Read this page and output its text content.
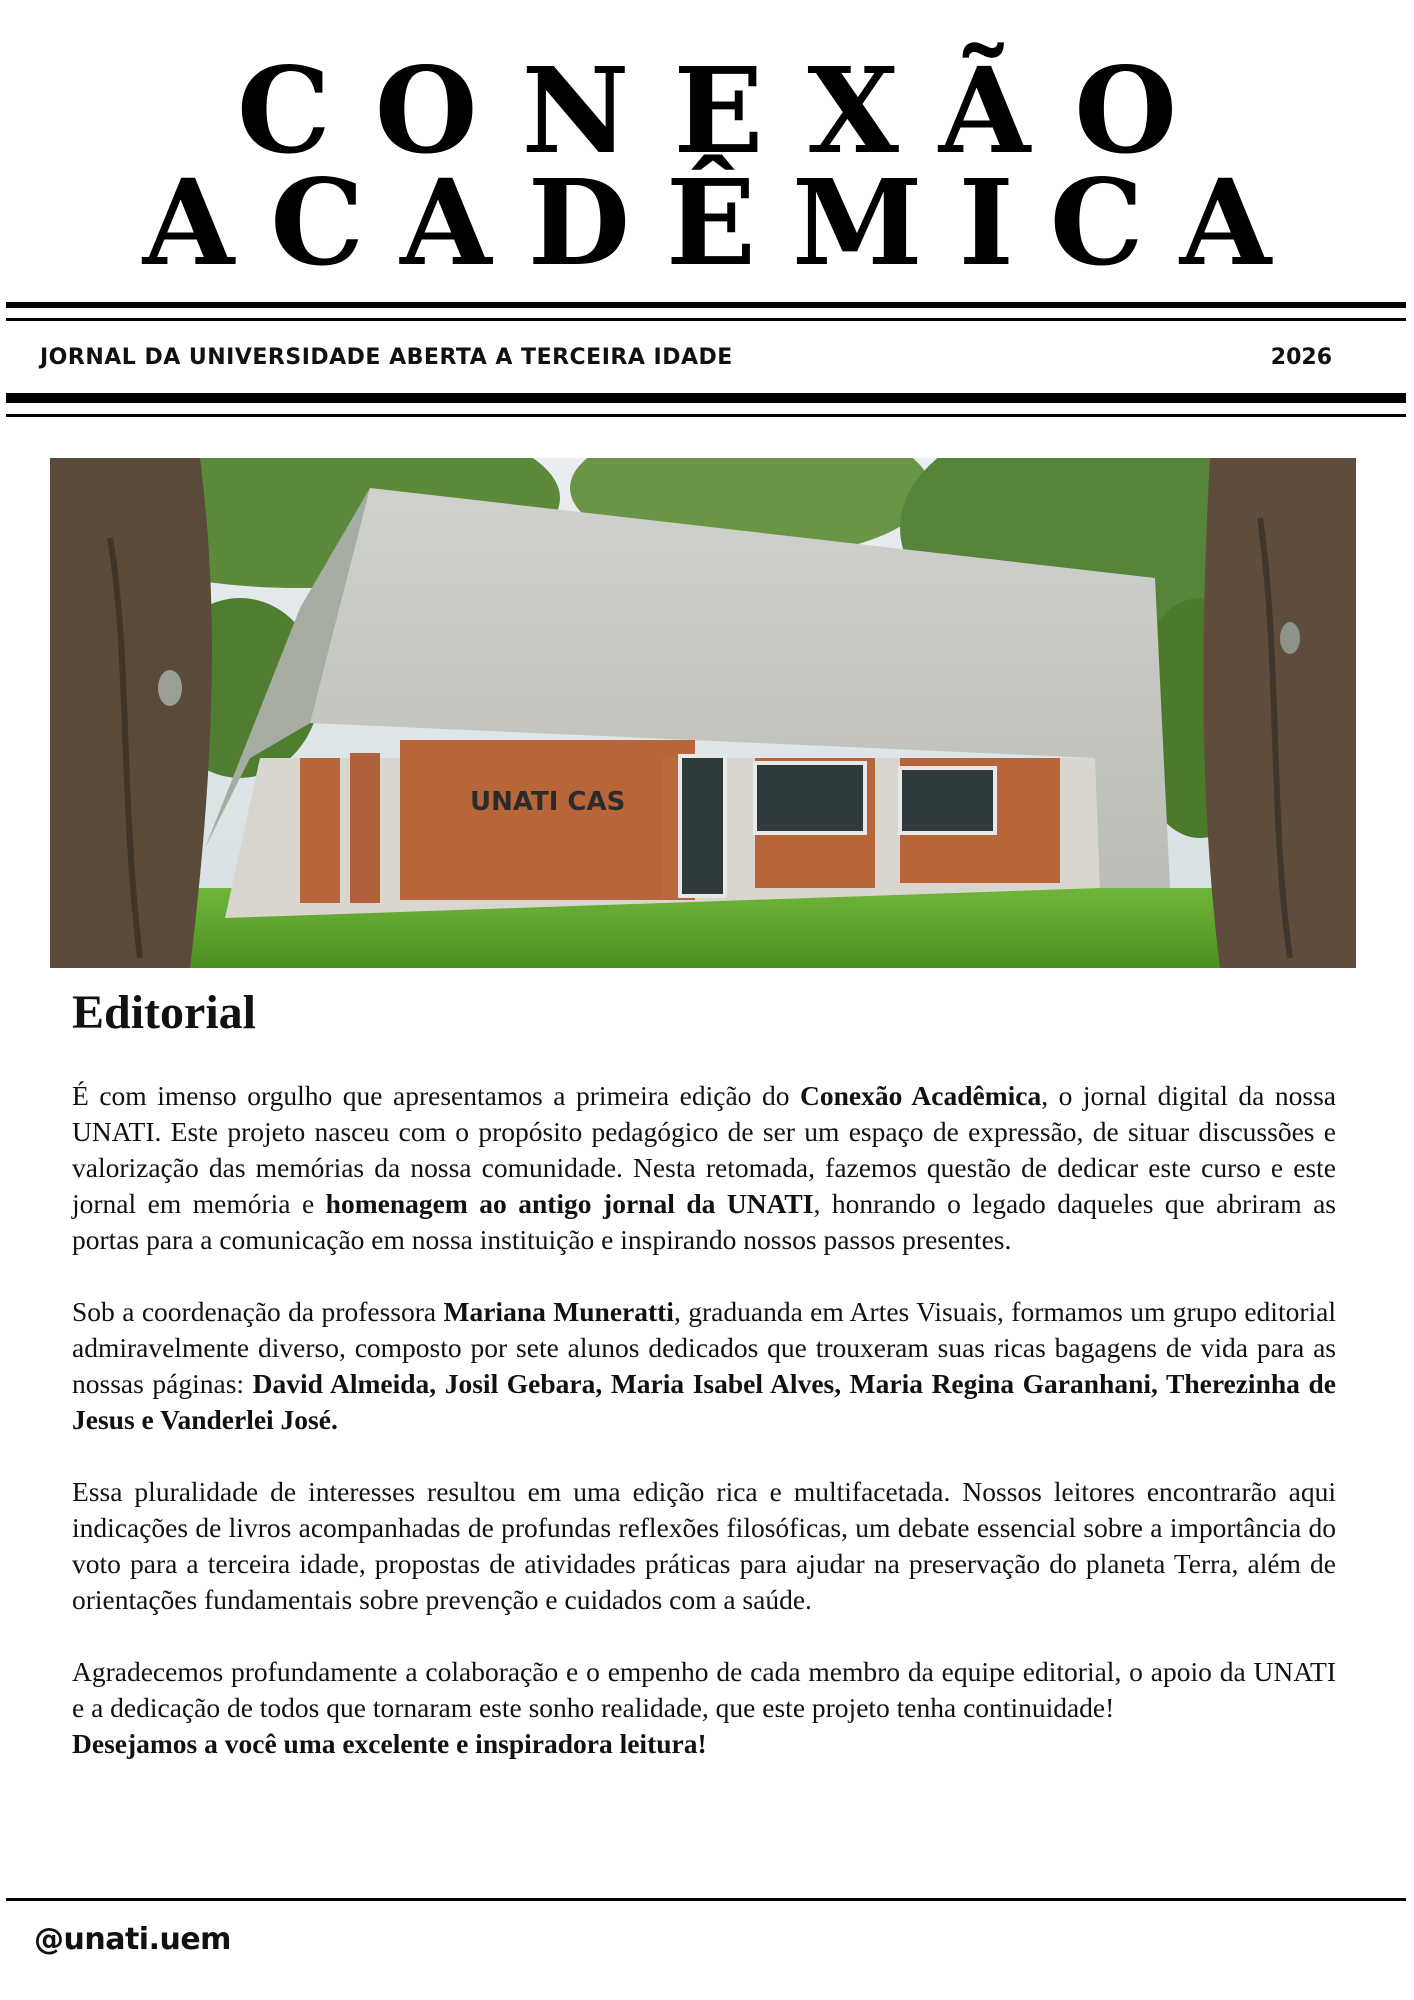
CONEXÃO
ACADÊMICA
JORNAL DA UNIVERSIDADE ABERTA A TERCEIRA IDADE	2026
UNATI CAS
Editorial

É com imenso orgulho que apresentamos a primeira edição do Conexão Acadêmica, o jornal digital da nossa UNATI. Este projeto nasceu com o propósito pedagógico de ser um espaço de expressão, de situar discussões e valorização das memórias da nossa comunidade. Nesta retomada, fazemos questão de dedicar este curso e este jornal em memória e homenagem ao antigo jornal da UNATI, honrando o legado daqueles que abriram as portas para a comunicação em nossa instituição e inspirando nossos passos presentes.

Sob a coordenação da professora Mariana Muneratti, graduanda em Artes Visuais, formamos um grupo editorial admiravelmente diverso, composto por sete alunos dedicados que trouxeram suas ricas bagagens de vida para as nossas páginas: David Almeida, Josil Gebara, Maria Isabel Alves, Maria Regina Garanhani, Therezinha de Jesus e Vanderlei José.

Essa pluralidade de interesses resultou em uma edição rica e multifacetada. Nossos leitores encontrarão aqui indicações de livros acompanhadas de profundas reflexões filosóficas, um debate essencial sobre a importância do voto para a terceira idade, propostas de atividades práticas para ajudar na preservação do planeta Terra, além de orientações fundamentais sobre prevenção e cuidados com a saúde.

Agradecemos profundamente a colaboração e o empenho de cada membro da equipe editorial, o apoio da UNATI e a dedicação de todos que tornaram este sonho realidade, que este projeto tenha continuidade!

Desejamos a você uma excelente e inspiradora leitura!

@unati.uem
